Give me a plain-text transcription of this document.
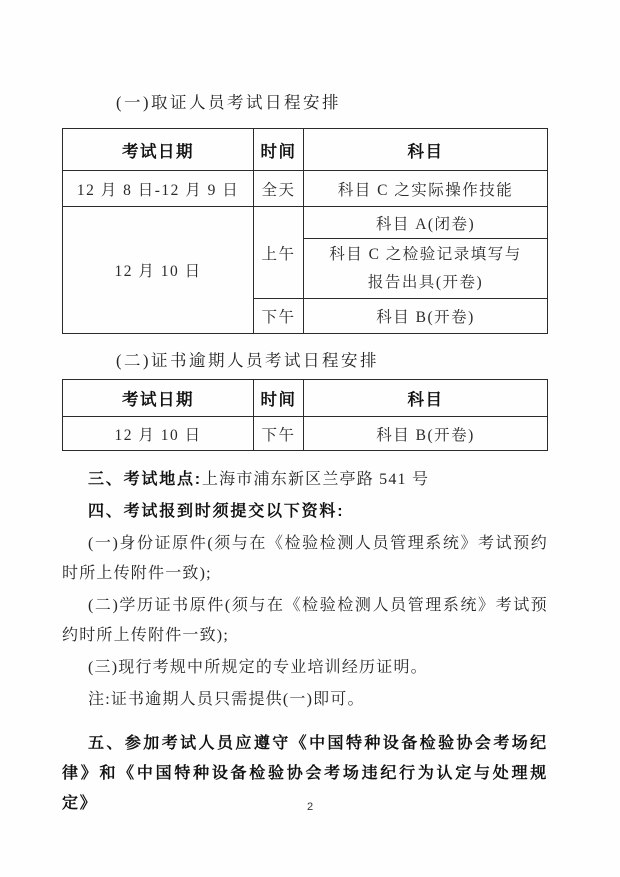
(一)取证人员考试日程安排

考试日期	时间	科目
12 月 8 日-12 月 9 日	全天	科目 C 之实际操作技能
12 月 10 日	上午	科目 A(闭卷)
		科目 C 之检验记录填写与报告出具(开卷)
	下午	科目 B(开卷)

(二)证书逾期人员考试日程安排

考试日期	时间	科目
12 月 10 日	下午	科目 B(开卷)

三、考试地点:上海市浦东新区兰亭路 541 号

四、考试报到时须提交以下资料:

(一)身份证原件(须与在《检验检测人员管理系统》考试预约时所上传附件一致);

(二)学历证书原件(须与在《检验检测人员管理系统》考试预约时所上传附件一致);

(三)现行考规中所规定的专业培训经历证明。

注:证书逾期人员只需提供(一)即可。

五、参加考试人员应遵守《中国特种设备检验协会考场纪律》和《中国特种设备检验协会考场违纪行为认定与处理规定》	2
